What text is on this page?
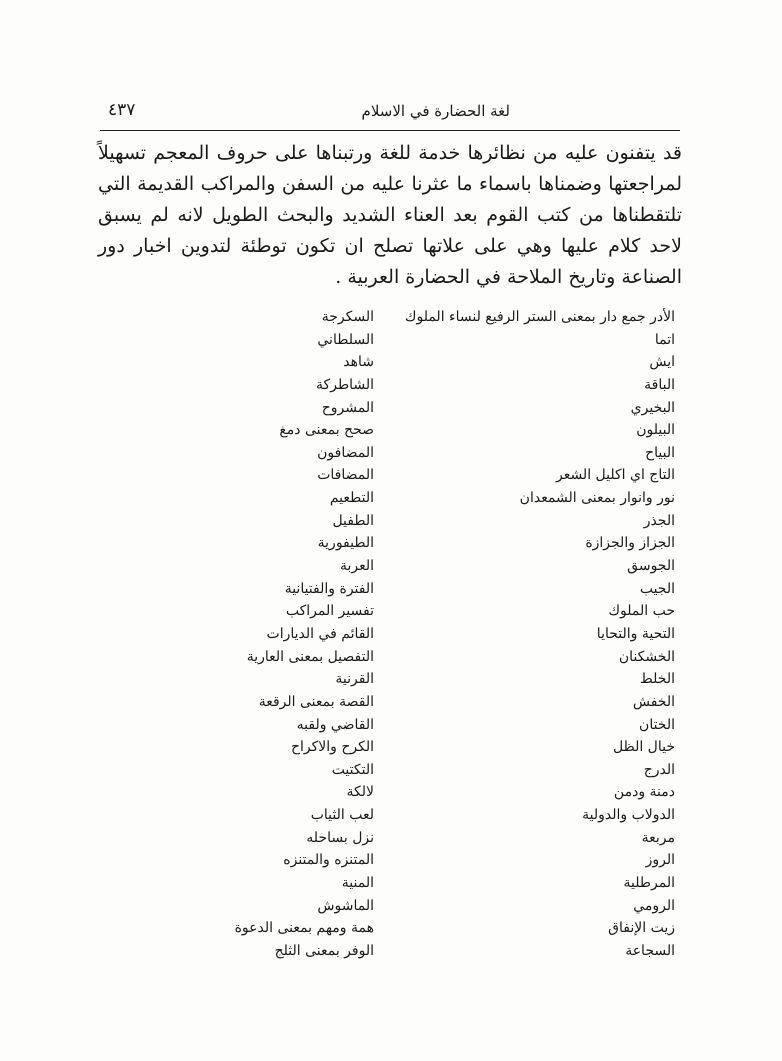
لغة الحضارة في الاسلام
٤٣٧
قد يتفنون عليه من نظائرها خدمة للغة ورتبناها على حروف المعجم تسهيلاً لمراجعتها وضمناها باسماء ما عثرنا عليه من السفن والمراكب القديمة التي تلتقطناها من كتب القوم بعد العناء الشديد والبحث الطويل لانه لم يسبق لاحد كلام عليها وهي على علاتها تصلح ان تكون توطئة لتدوين اخبار دور الصناعة وتاريخ الملاحة في الحضارة العربية .
الأدر جمع دار بمعنى الستر الرفيع لنساء الملوك
اتما
ايش
الباقة
البخيري
البيلون
البياح
التاج اي اكليل الشعر
نور وانوار بمعنى الشمعدان
الجذر
الجزاز والجزازة
الجوسق
الجيب
حب الملوك
التحية والتحايا
الخشكنان
الخلط
الخفش
الختان
خيال الظل
الدرج
دمنة ودمن
الدولاب والدولية
مربعة
الروز
المرطلية
الرومي
زيت الإنفاق
السجاعة
السكرجة
السلطاني
شاهد
الشاطركة
المشروح
صحح بمعنى دمغ
المضافون
المضافات
التطعيم
الطفيل
الطيفورية
العربة
الفترة والفتيانية
تفسير المراكب
القائم في الديارات
التفصيل بمعنى العارية
القرنية
القصة بمعنى الرقعة
القاضي ولقبه
الكرح والاكراح
التكتيت
لالكة
لعب الثياب
نزل بساحله
المتنزه والمتنزه
المنية
الماشوش
همة ومهم بمعنى الدعوة
الوفر بمعنى الثلج
